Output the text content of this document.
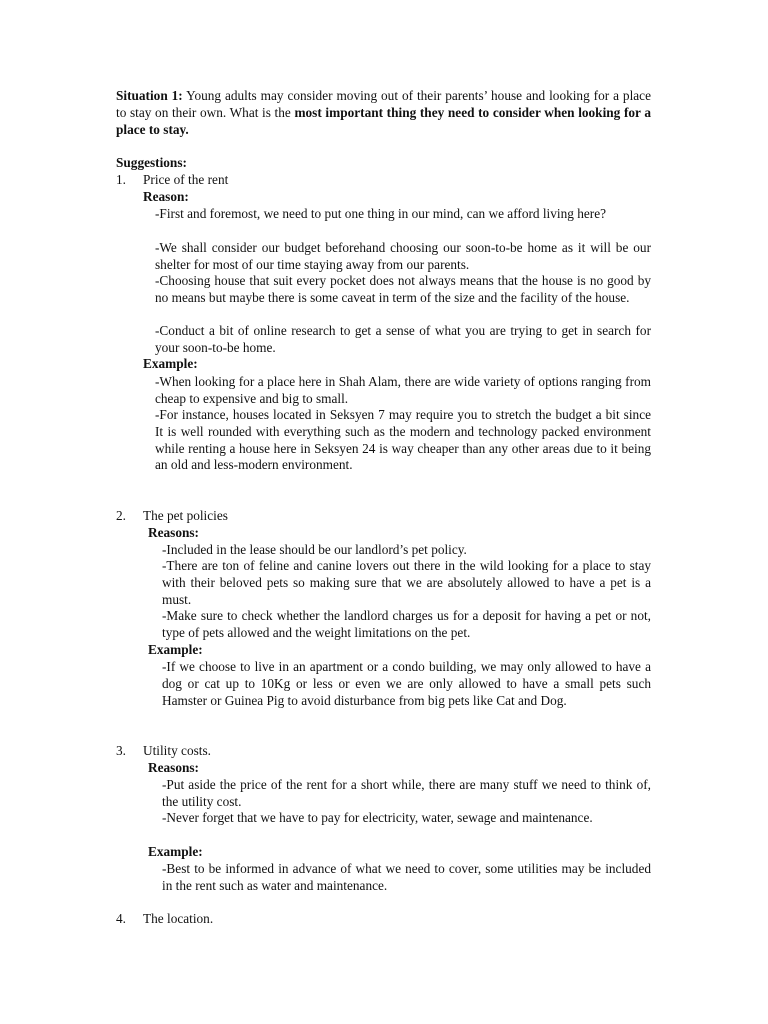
Situation 1: Young adults may consider moving out of their parents’ house and looking for a place to stay on their own. What is the most important thing they need to consider when looking for a place to stay.
Suggestions:
1. Price of the rent
Reason:
-First and foremost, we need to put one thing in our mind, can we afford living here?
-We shall consider our budget beforehand choosing our soon-to-be home as it will be our shelter for most of our time staying away from our parents.
-Choosing house that suit every pocket does not always means that the house is no good by no means but maybe there is some caveat in term of the size and the facility of the house.
-Conduct a bit of online research to get a sense of what you are trying to get in search for your soon-to-be home.
Example:
-When looking for a place here in Shah Alam, there are wide variety of options ranging from cheap to expensive and big to small.
-For instance, houses located in Seksyen 7 may require you to stretch the budget a bit since It is well rounded with everything such as the modern and technology packed environment while renting a house here in Seksyen 24 is way cheaper than any other areas due to it being an old and less-modern environment.
2. The pet policies
Reasons:
-Included in the lease should be our landlord’s pet policy.
-There are ton of feline and canine lovers out there in the wild looking for a place to stay with their beloved pets so making sure that we are absolutely allowed to have a pet is a must.
-Make sure to check whether the landlord charges us for a deposit for having a pet or not, type of pets allowed and the weight limitations on the pet.
Example:
-If we choose to live in an apartment or a condo building, we may only allowed to have a dog or cat up to 10Kg or less or even we are only allowed to have a small pets such Hamster or Guinea Pig to avoid disturbance from big pets like Cat and Dog.
3. Utility costs.
Reasons:
-Put aside the price of the rent for a short while, there are many stuff we need to think of, the utility cost.
-Never forget that we have to pay for electricity, water, sewage and maintenance.
Example:
-Best to be informed in advance of what we need to cover, some utilities may be included in the rent such as water and maintenance.
4. The location.
